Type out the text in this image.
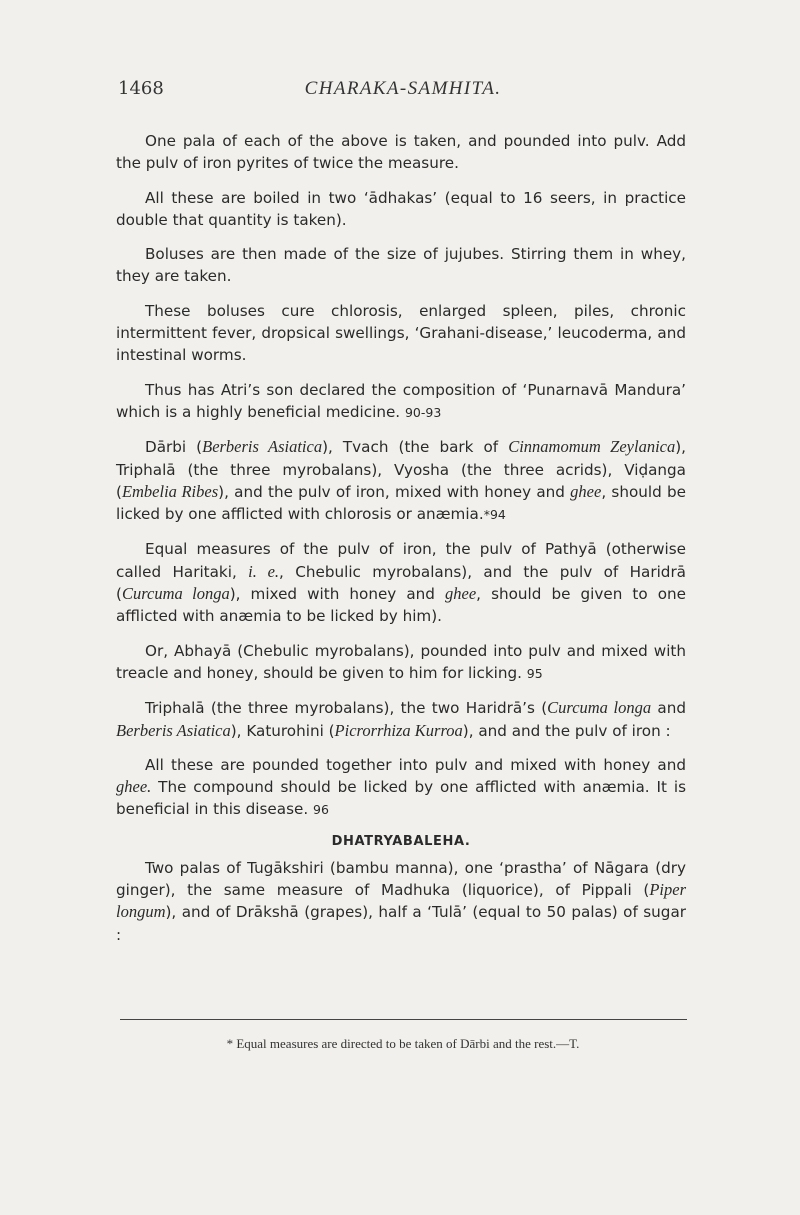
1468	CHARAKA-SAMHITA.

One pala of each of the above is taken, and pounded into pulv. Add the pulv of iron pyrites of twice the measure.

All these are boiled in two ‘ādhakas’ (equal to 16 seers, in practice double that quantity is taken).

Boluses are then made of the size of jujubes. Stirring them in whey, they are taken.

These boluses cure chlorosis, enlarged spleen, piles, chronic intermittent fever, dropsical swellings, ‘Grahani-disease,’ leucoderma, and intestinal worms.

Thus has Atri’s son declared the composition of ‘Punarnavā Mandura’ which is a highly beneficial medicine. 90-93

Dārbi (Berberis Asiatica), Tvach (the bark of Cinnamomum Zeylanica), Triphalā (the three myrobalans), Vyosha (the three acrids), Viḍanga (Embelia Ribes), and the pulv of iron, mixed with honey and ghee, should be licked by one afflicted with chlorosis or anæmia.*94

Equal measures of the pulv of iron, the pulv of Pathyā (otherwise called Haritaki, i. e., Chebulic myrobalans), and the pulv of Haridrā (Curcuma longa), mixed with honey and ghee, should be given to one afflicted with anæmia to be licked by him).

Or, Abhayā (Chebulic myrobalans), pounded into pulv and mixed with treacle and honey, should be given to him for licking. 95

Triphalā (the three myrobalans), the two Haridrā’s (Curcuma longa and Berberis Asiatica), Katurohini (Picrorrhiza Kurroa), and and the pulv of iron :

All these are pounded together into pulv and mixed with honey and ghee. The compound should be licked by one afflicted with anæmia. It is beneficial in this disease. 96

DHATRYABALEHA.

Two palas of Tugākshiri (bambu manna), one ‘prastha’ of Nāgara (dry ginger), the same measure of Madhuka (liquorice), of Pippali (Piper longum), and of Drākshā (grapes), half a ‘Tulā’ (equal to 50 palas) of sugar :

* Equal measures are directed to be taken of Dārbi and the rest.—T.
